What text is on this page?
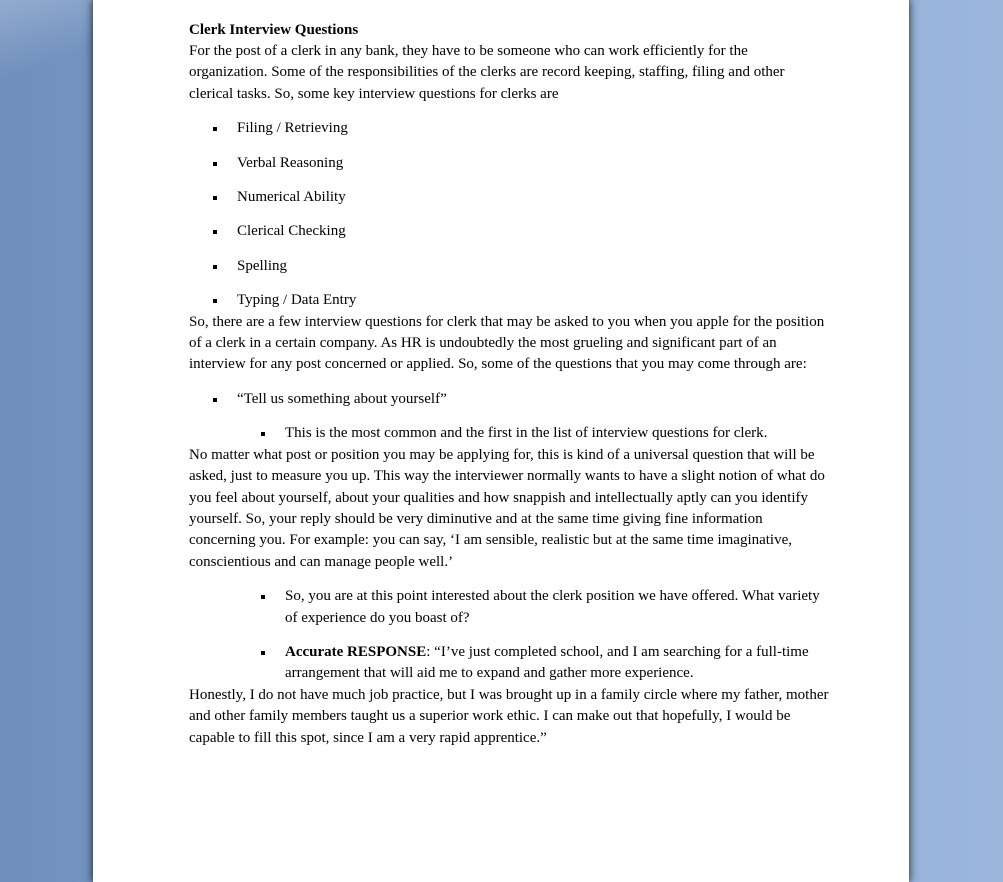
Clerk Interview Questions

For the post of a clerk in any bank, they have to be someone who can work efficiently for the organization. Some of the responsibilities of the clerks are record keeping, staffing, filing and other clerical tasks. So, some key interview questions for clerks are

Filing / Retrieving
Verbal Reasoning
Numerical Ability
Clerical Checking
Spelling
Typing / Data Entry

So, there are a few interview questions for clerk that may be asked to you when you apple for the position of a clerk in a certain company. As HR is undoubtedly the most grueling and significant part of an interview for any post concerned or applied. So, some of the questions that you may come through are:

“Tell us something about yourself”
This is the most common and the first in the list of interview questions for clerk.

No matter what post or position you may be applying for, this is kind of a universal question that will be asked, just to measure you up. This way the interviewer normally wants to have a slight notion of what do you feel about yourself, about your qualities and how snappish and intellectually aptly can you identify yourself. So, your reply should be very diminutive and at the same time giving fine information concerning you. For example: you can say, ‘I am sensible, realistic but at the same time imaginative, conscientious and can manage people well.’

So, you are at this point interested about the clerk position we have offered. What variety of experience do you boast of?
Accurate RESPONSE: “I’ve just completed school, and I am searching for a full-time arrangement that will aid me to expand and gather more experience.

Honestly, I do not have much job practice, but I was brought up in a family circle where my father, mother and other family members taught us a superior work ethic. I can make out that hopefully, I would be capable to fill this spot, since I am a very rapid apprentice.”
